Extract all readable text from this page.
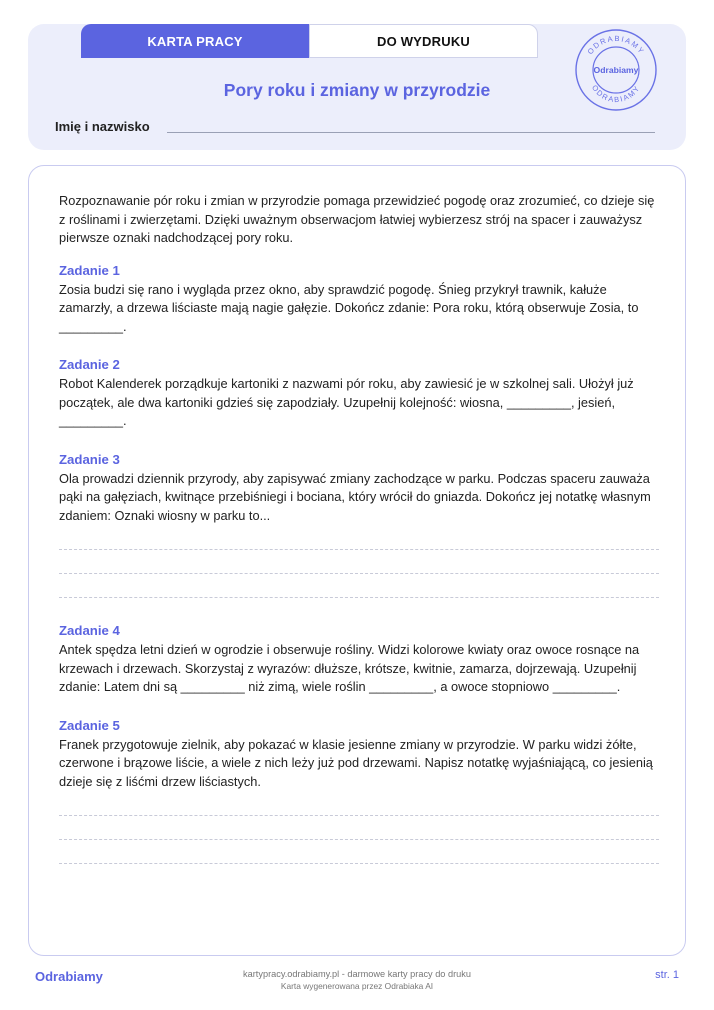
KARTA PRACY	DO WYDRUKU
Pory roku i zmiany w przyrodzie
Imię i nazwisko
ODRABIAMY
ODRABIAMY
Odrabiamy
Rozpoznawanie pór roku i zmian w przyrodzie pomaga przewidzieć pogodę oraz zrozumieć, co dzieje się z roślinami i zwierzętami. Dzięki uważnym obserwacjom łatwiej wybierzesz strój na spacer i zauważysz pierwsze oznaki nadchodzącej pory roku.
Zadanie 1
Zosia budzi się rano i wygląda przez okno, aby sprawdzić pogodę. Śnieg przykrył trawnik, kałuże zamarzły, a drzewa liściaste mają nagie gałęzie. Dokończ zdanie: Pora roku, którą obserwuje Zosia, to _________.
Zadanie 2
Robot Kalenderek porządkuje kartoniki z nazwami pór roku, aby zawiesić je w szkolnej sali. Ułożył już początek, ale dwa kartoniki gdzieś się zapodziały. Uzupełnij kolejność: wiosna, _________, jesień, _________.
Zadanie 3
Ola prowadzi dziennik przyrody, aby zapisywać zmiany zachodzące w parku. Podczas spaceru zauważa pąki na gałęziach, kwitnące przebiśniegi i bociana, który wrócił do gniazda. Dokończ jej notatkę własnym zdaniem: Oznaki wiosny w parku to...
Zadanie 4
Antek spędza letni dzień w ogrodzie i obserwuje rośliny. Widzi kolorowe kwiaty oraz owoce rosnące na krzewach i drzewach. Skorzystaj z wyrazów: dłuższe, krótsze, kwitnie, zamarza, dojrzewają. Uzupełnij zdanie: Latem dni są _________ niż zimą, wiele roślin _________, a owoce stopniowo _________.
Zadanie 5
Franek przygotowuje zielnik, aby pokazać w klasie jesienne zmiany w przyrodzie. W parku widzi żółte, czerwone i brązowe liście, a wiele z nich leży już pod drzewami. Napisz notatkę wyjaśniającą, co jesienią dzieje się z liśćmi drzew liściastych.
Odrabiamy	kartypracy.odrabiamy.pl - darmowe karty pracy do druku
Karta wygenerowana przez Odrabiaka AI
str. 1
